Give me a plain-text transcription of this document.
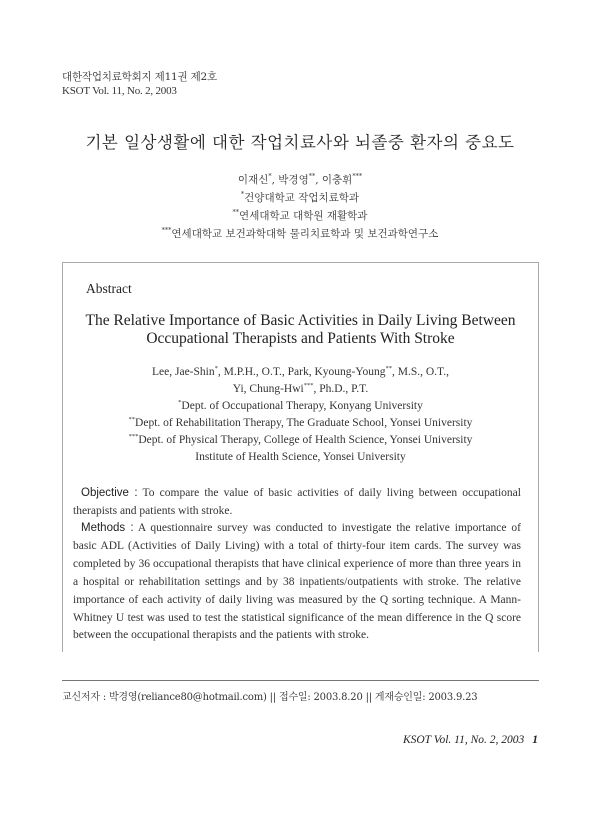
대한작업치료학회지 제11권 제2호
KSOT Vol. 11, No. 2, 2003
기본 일상생활에 대한 작업치료사와 뇌졸중 환자의 중요도
이재신*, 박경영**, 이충휘***
*건양대학교 작업치료학과
**연세대학교 대학원 재활학과
***연세대학교 보건과학대학 물리치료학과 및 보건과학연구소
Abstract
The Relative Importance of Basic Activities in Daily Living Between
Occupational Therapists and Patients With Stroke
Lee, Jae-Shin*, M.P.H., O.T., Park, Kyoung-Young**, M.S., O.T.,
Yi, Chung-Hwi***, Ph.D., P.T.
*Dept. of Occupational Therapy, Konyang University
**Dept. of Rehabilitation Therapy, The Graduate School, Yonsei University
***Dept. of Physical Therapy, College of Health Science, Yonsei University
Institute of Health Science, Yonsei University

Objective : To compare the value of basic activities of daily living between occupational therapists and patients with stroke.

Methods : A questionnaire survey was conducted to investigate the relative importance of basic ADL (Activities of Daily Living) with a total of thirty-four item cards. The survey was completed by 36 occupational therapists that have clinical experience of more than three years in a hospital or rehabilitation settings and by 38 inpatients/outpatients with stroke. The relative importance of each activity of daily living was measured by the Q sorting technique. A Mann-Whitney U test was used to test the statistical significance of the mean difference in the Q score between the occupational therapists and the patients with stroke.

교신저자 : 박경영(reliance80@hotmail.com) || 접수일: 2003.8.20 || 게재승인일: 2003.9.23
KSOT Vol. 11, No. 2, 2003 1
